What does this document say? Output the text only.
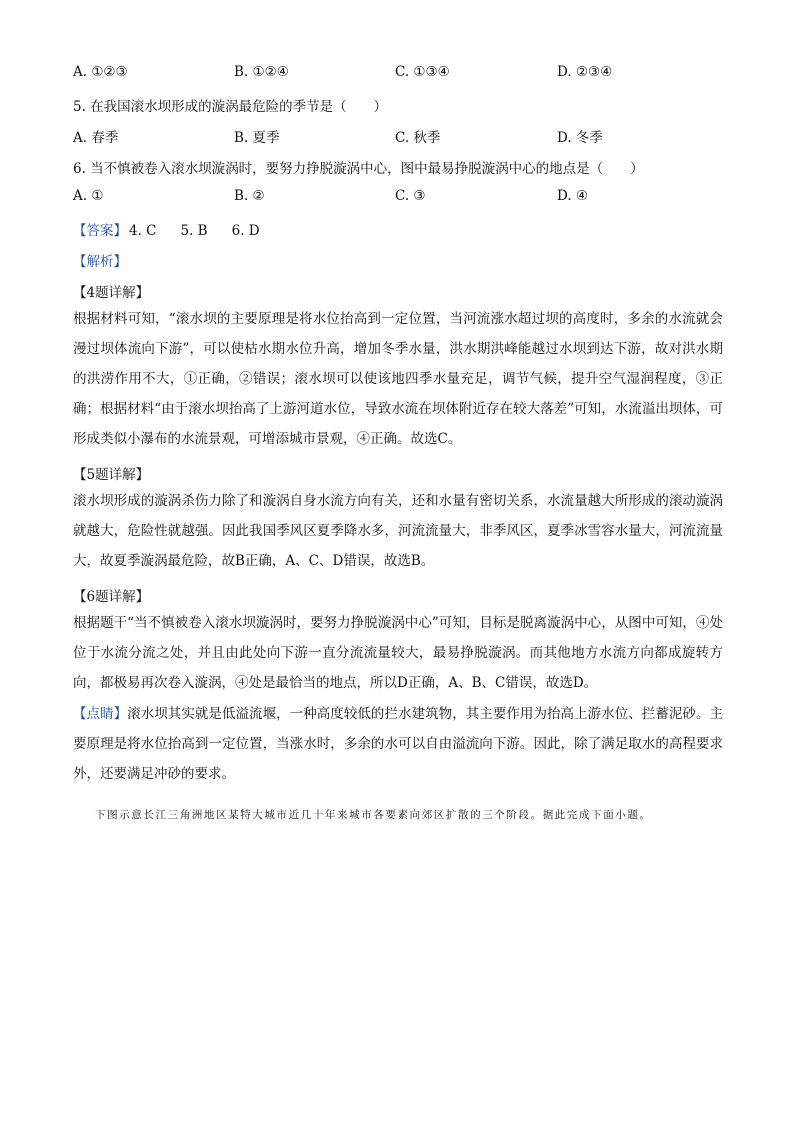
A. ①②③	B. ①②④	C. ①③④	D. ②③④
5. 在我国滚水坝形成的漩涡最危险的季节是（　　）
A. 春季	B. 夏季	C. 秋季	D. 冬季
6. 当不慎被卷入滚水坝漩涡时，要努力挣脱漩涡中心，图中最易挣脱漩涡中心的地点是（　　）
A. ①	B. ②	C. ③	D. ④
【答案】 4. C 5. B 6. D
【解析】
【4题详解】
根据材料可知，“滚水坝的主要原理是将水位抬高到一定位置，当河流涨水超过坝的高度时，多余的水流就会漫过坝体流向下游”，可以使枯水期水位升高，增加冬季水量，洪水期洪峰能越过水坝到达下游，故对洪水期的洪涝作用不大，①正确，②错误；滚水坝可以使该地四季水量充足，调节气候，提升空气湿润程度，③正确；根据材料“由于滚水坝抬高了上游河道水位，导致水流在坝体附近存在较大落差”可知，水流溢出坝体，可形成类似小瀑布的水流景观，可增添城市景观，④正确。故选C。
【5题详解】
滚水坝形成的漩涡杀伤力除了和漩涡自身水流方向有关，还和水量有密切关系，水流量越大所形成的滚动漩涡就越大，危险性就越强。因此我国季风区夏季降水多，河流流量大，非季风区，夏季冰雪容水量大，河流流量大，故夏季漩涡最危险，故B正确，A、C、D错误，故选B。
【6题详解】
根据题干“当不慎被卷入滚水坝漩涡时，要努力挣脱漩涡中心”可知，目标是脱离漩涡中心，从图中可知，④处位于水流分流之处，并且由此处向下游一直分流流量较大，最易挣脱漩涡。而其他地方水流方向都成旋转方向，都极易再次卷入漩涡，④处是最恰当的地点，所以D正确，A、B、C错误，故选D。
【点睛】滚水坝其实就是低溢流堰，一种高度较低的拦水建筑物，其主要作用为抬高上游水位、拦蓄泥砂。主要原理是将水位抬高到一定位置，当涨水时，多余的水可以自由溢流向下游。因此，除了满足取水的高程要求外，还要满足冲砂的要求。
下图示意长江三角洲地区某特大城市近几十年来城市各要素向郊区扩散的三个阶段。据此完成下面小题。
